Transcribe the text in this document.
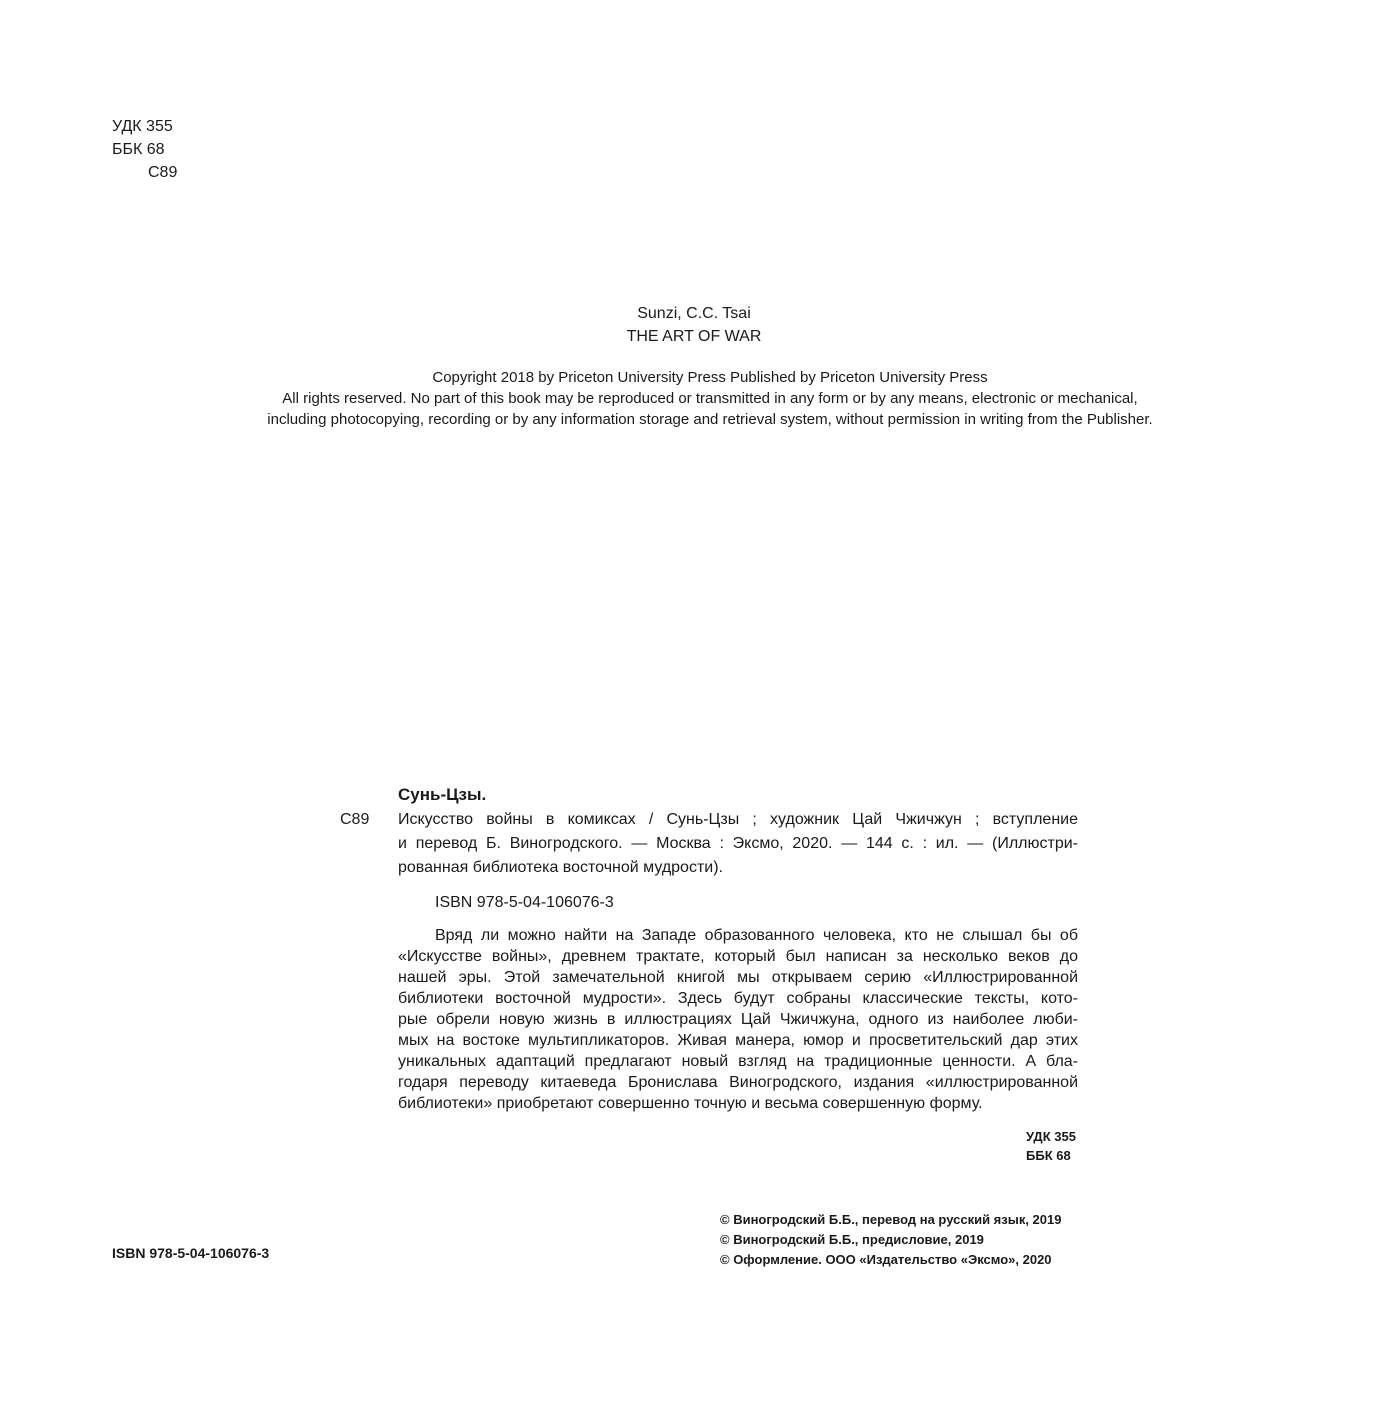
УДК 355
ББК 68
С89
Sunzi, C.C. Tsai
THE ART OF WAR
Copyright 2018 by Priceton University Press Published by Priceton University Press
All rights reserved. No part of this book may be reproduced or transmitted in any form or by any means, electronic or mechanical,
including photocopying, recording or by any information storage and retrieval system, without permission in writing from the Publisher.
Сунь-Цзы.
С89 Искусство войны в комиксах / Сунь-Цзы ; художник Цай Чжичжун ; вступление
и перевод Б. Виногродского. — Москва : Эксмо, 2020. — 144 с. : ил. — (Иллюстри-
рованная библиотека восточной мудрости).
ISBN 978-5-04-106076-3
Вряд ли можно найти на Западе образованного человека, кто не слышал бы об
«Искусстве войны», древнем трактате, который был написан за несколько веков до
нашей эры. Этой замечательной книгой мы открываем серию «Иллюстрированной
библиотеки восточной мудрости». Здесь будут собраны классические тексты, кото-
рые обрели новую жизнь в иллюстрациях Цай Чжичжуна, одного из наиболее люби-
мых на востоке мультипликаторов. Живая манера, юмор и просветительский дар этих
уникальных адаптаций предлагают новый взгляд на традиционные ценности. А бла-
годаря переводу китаеведа Бронислава Виногродского, издания «иллюстрированной
библиотеки» приобретают совершенно точную и весьма совершенную форму.
УДК 355
ББК 68
ISBN 978-5-04-106076-3
© Виногродский Б.Б., перевод на русский язык, 2019
© Виногродский Б.Б., предисловие, 2019
© Оформление. ООО «Издательство «Эксмо», 2020
